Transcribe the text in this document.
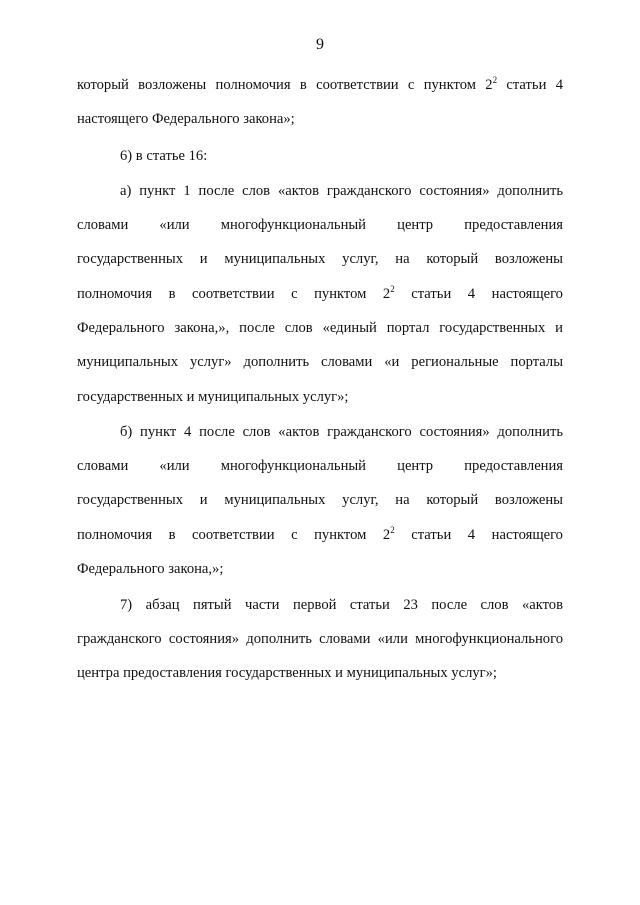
9
который возложены полномочия в соответствии с пунктом $2^2$ статьи 4
настоящего Федерального закона»;
6) в статье 16:
а) пункт 1 после слов «актов гражданского состояния» дополнить
словами «или многофункциональный центр предоставления
государственных и муниципальных услуг, на который возложены
полномочия в соответствии с пунктом $2^2$ статьи 4 настоящего
Федерального закона,», после слов «единый портал государственных и
муниципальных услуг» дополнить словами «и региональные порталы
государственных и муниципальных услуг»;
б) пункт 4 после слов «актов гражданского состояния» дополнить
словами «или многофункциональный центр предоставления
государственных и муниципальных услуг, на который возложены
полномочия в соответствии с пунктом $2^2$ статьи 4 настоящего
Федерального закона,»;
7) абзац пятый части первой статьи 23 после слов «актов
гражданского состояния» дополнить словами «или многофункционального
центра предоставления государственных и муниципальных услуг»;
